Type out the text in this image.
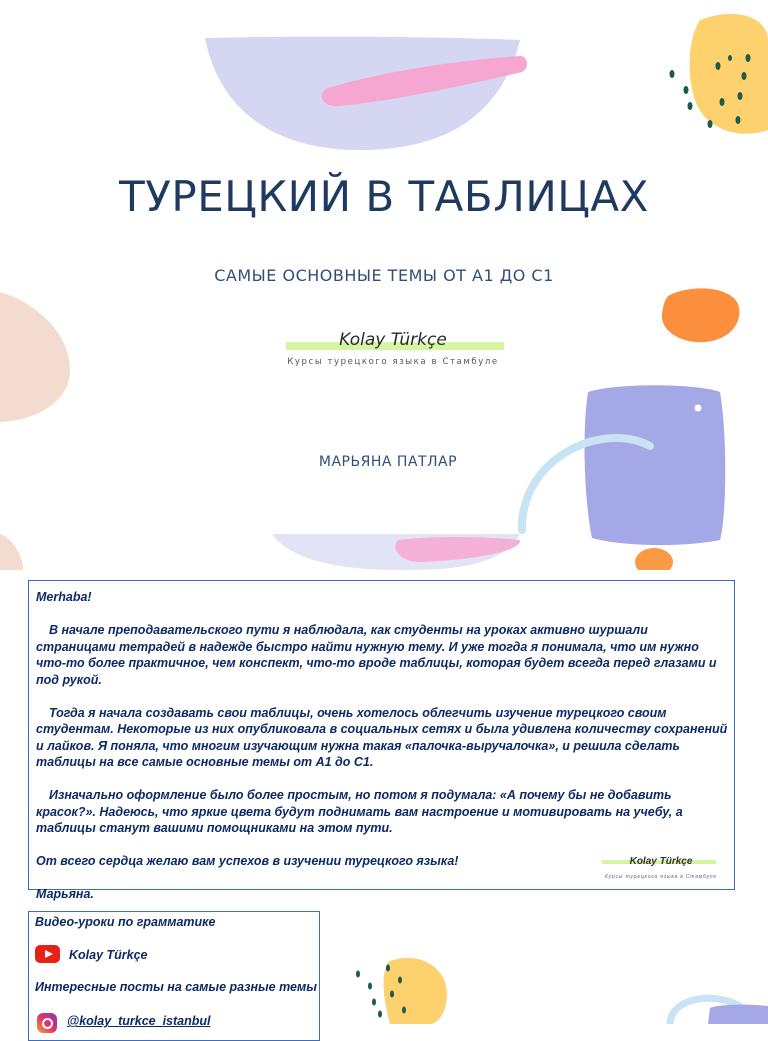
ТУРЕЦКИЙ В ТАБЛИЦАХ
САМЫЕ ОСНОВНЫЕ ТЕМЫ ОТ А1 ДО С1
Kolay Türkçe
Курсы турецкого языка в Стамбуле
МАРЬЯНА ПАТЛАР

Merhaba!

В начале преподавательского пути я наблюдала, как студенты на уроках активно шуршали страницами тетрадей в надежде быстро найти нужную тему. И уже тогда я понимала, что им нужно что-то более практичное, чем конспект, что-то вроде таблицы, которая будет всегда перед глазами и под рукой.

Тогда я начала создавать свои таблицы, очень хотелось облегчить изучение турецкого своим студентам. Некоторые из них опубликовала в социальных сетях и была удивлена количеству сохранений и лайков. Я поняла, что многим изучающим нужна такая «палочка-выручалочка», и решила сделать таблицы на все самые основные темы от А1 до С1.

Изначально оформление было более простым, но потом я подумала: «А почему бы не добавить красок?». Надеюсь, что яркие цвета будут поднимать вам настроение и мотивировать на учебу, а таблицы станут вашими помощниками на этом пути.

От всего сердца желаю вам успехов в изучении турецкого языка!

Марьяна.

Kolay Türkçe
Курсы турецкого языка в Стамбуле
Видео-уроки по грамматике
Kolay Türkçe
Интересные посты на самые разные темы
@kolay_turkce_istanbul
